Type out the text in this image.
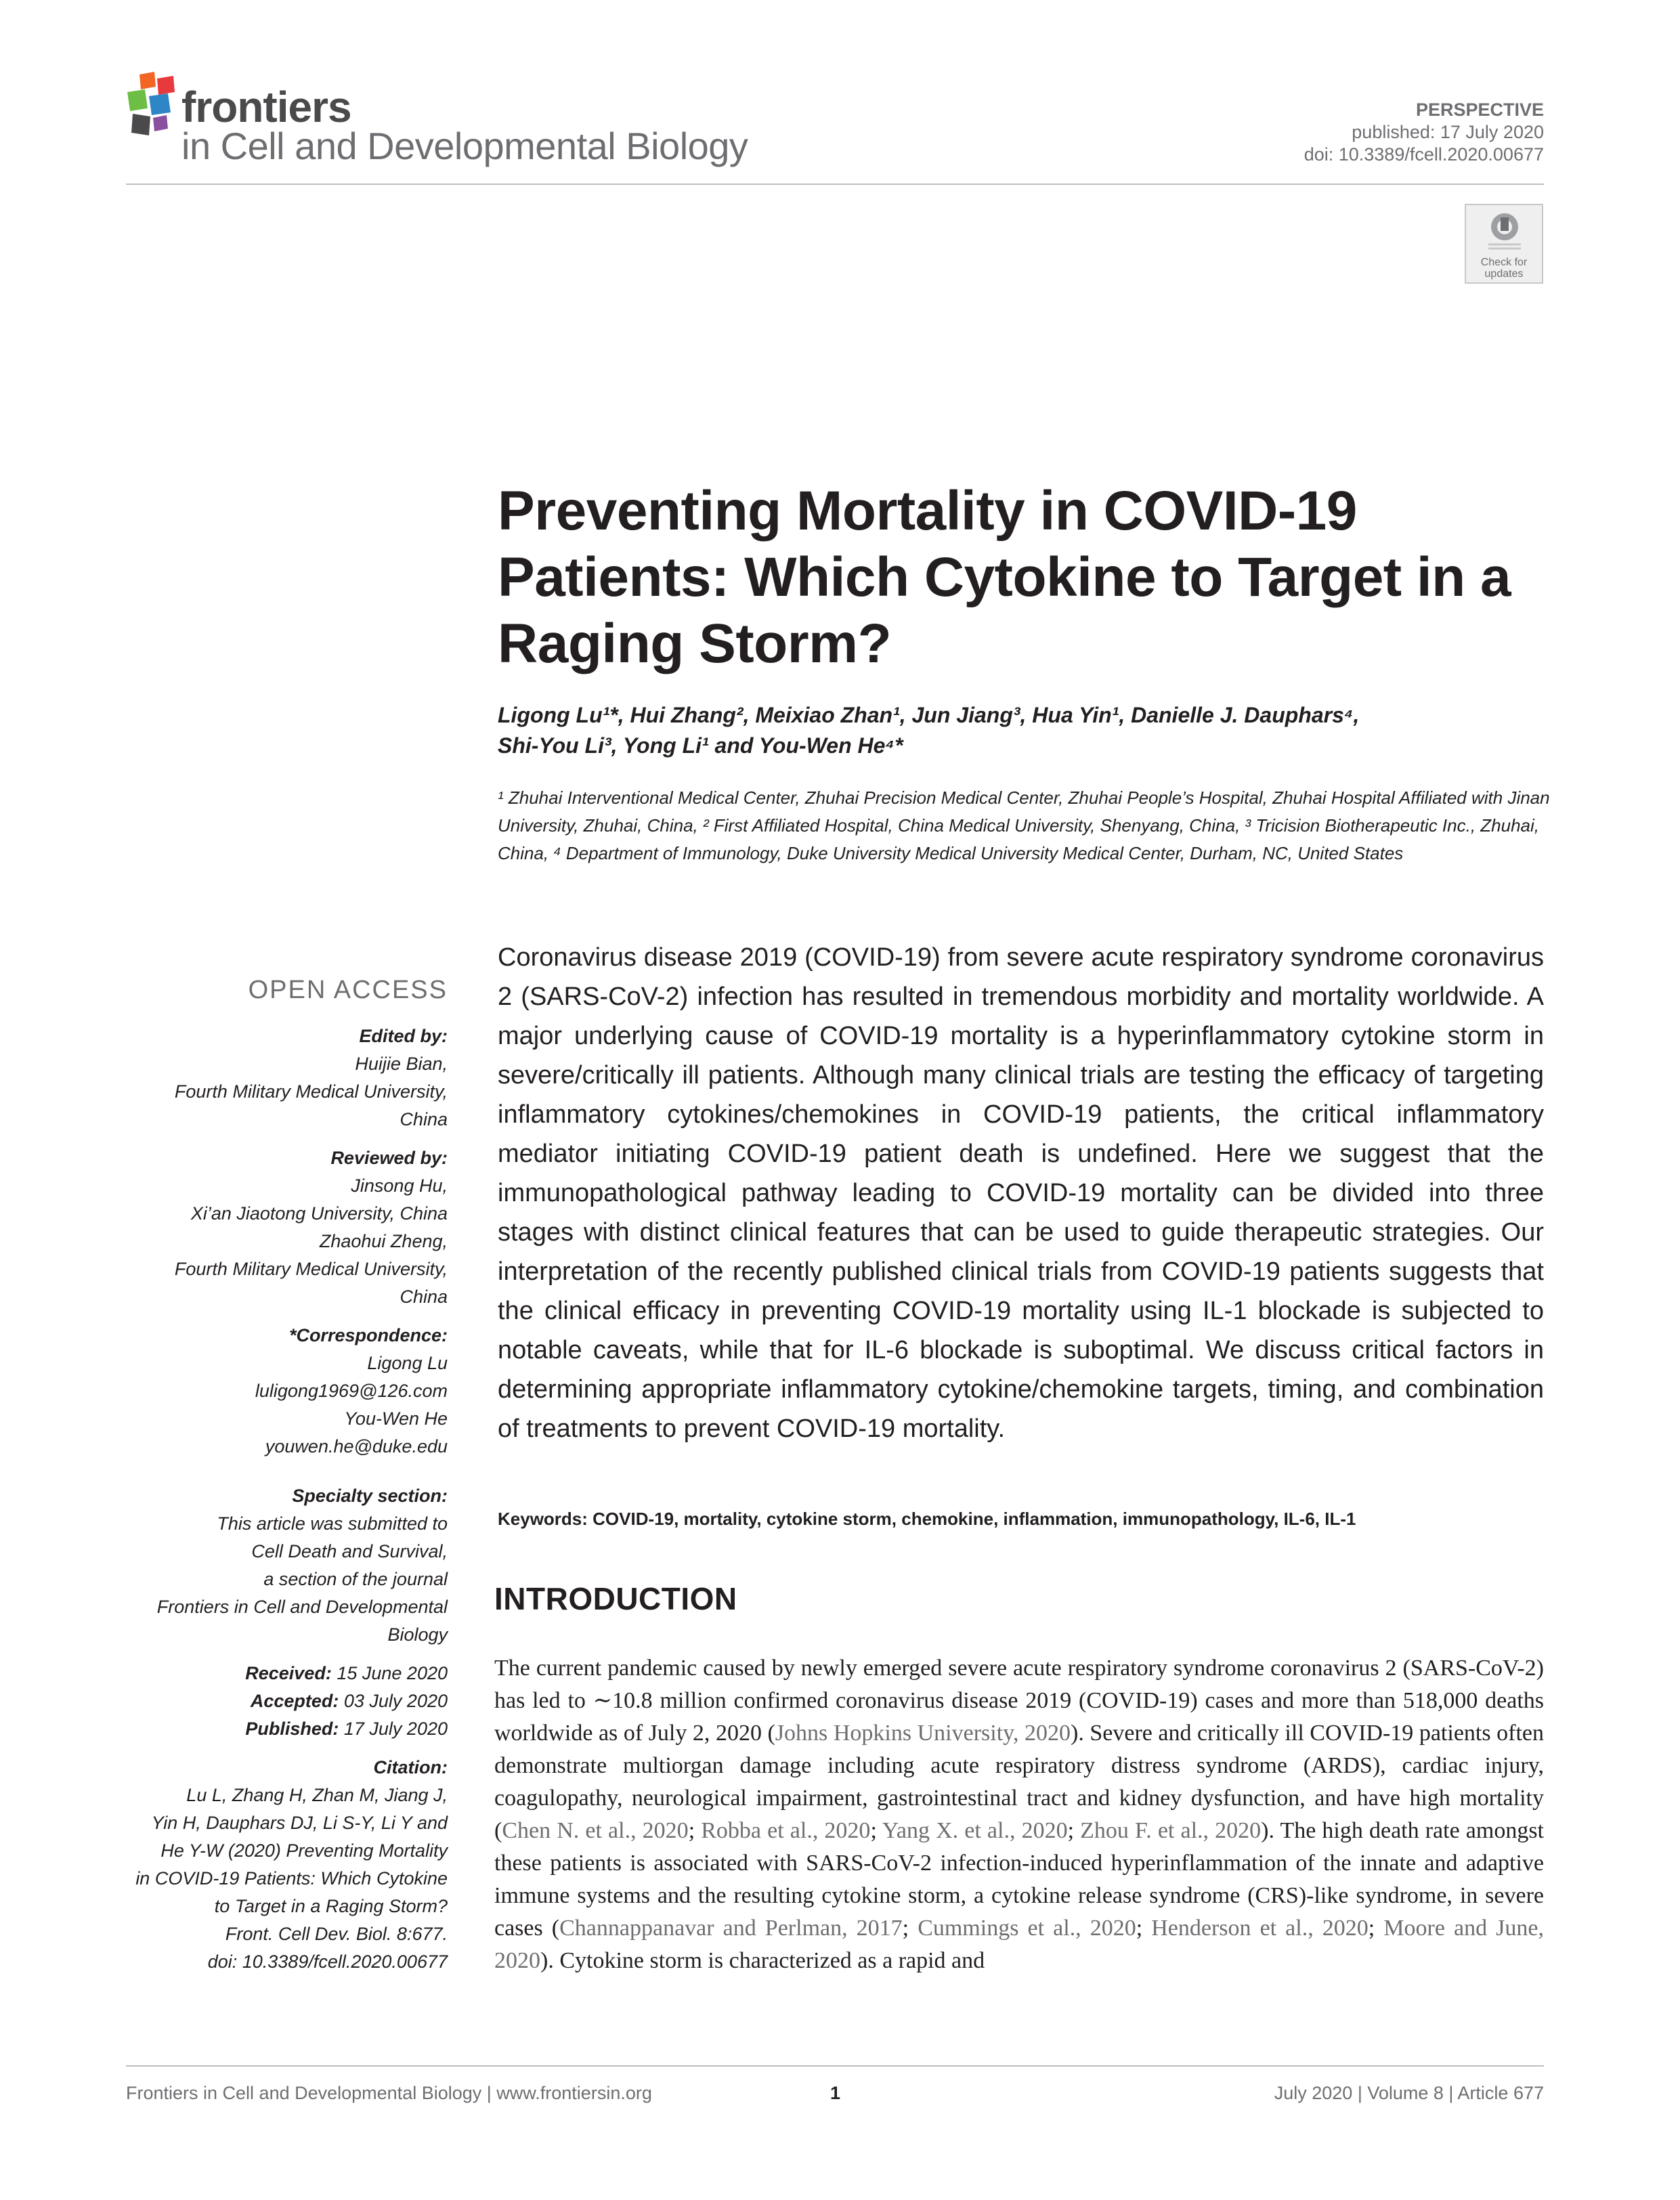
frontiers
in Cell and Developmental Biology
PERSPECTIVE
published: 17 July 2020
doi: 10.3389/fcell.2020.00677
Check for
updates
Preventing Mortality in COVID-19 Patients: Which Cytokine to Target in a Raging Storm?
Ligong Lu¹*, Hui Zhang², Meixiao Zhan¹, Jun Jiang³, Hua Yin¹, Danielle J. Dauphars⁴,
Shi-You Li³, Yong Li¹ and You-Wen He⁴*
¹ Zhuhai Interventional Medical Center, Zhuhai Precision Medical Center, Zhuhai People’s Hospital, Zhuhai Hospital Affiliated with Jinan University, Zhuhai, China, ² First Affiliated Hospital, China Medical University, Shenyang, China, ³ Tricision Biotherapeutic Inc., Zhuhai, China, ⁴ Department of Immunology, Duke University Medical University Medical Center, Durham, NC, United States
OPEN ACCESS
Edited by:
Huijie Bian,
Fourth Military Medical University,
China
Reviewed by:
Jinsong Hu,
Xi’an Jiaotong University, China
Zhaohui Zheng,
Fourth Military Medical University,
China
*Correspondence:
Ligong Lu
luligong1969@126.com
You-Wen He
youwen.he@duke.edu
Specialty section:
This article was submitted to
Cell Death and Survival,
a section of the journal
Frontiers in Cell and Developmental
Biology
Received: 15 June 2020
Accepted: 03 July 2020
Published: 17 July 2020
Citation:
Lu L, Zhang H, Zhan M, Jiang J,
Yin H, Dauphars DJ, Li S-Y, Li Y and
He Y-W (2020) Preventing Mortality
in COVID-19 Patients: Which Cytokine
to Target in a Raging Storm?
Front. Cell Dev. Biol. 8:677.
doi: 10.3389/fcell.2020.00677

Coronavirus disease 2019 (COVID-19) from severe acute respiratory syndrome coronavirus 2 (SARS-CoV-2) infection has resulted in tremendous morbidity and mortality worldwide. A major underlying cause of COVID-19 mortality is a hyperinflammatory cytokine storm in severe/critically ill patients. Although many clinical trials are testing the efficacy of targeting inflammatory cytokines/chemokines in COVID-19 patients, the critical inflammatory mediator initiating COVID-19 patient death is undefined. Here we suggest that the immunopathological pathway leading to COVID-19 mortality can be divided into three stages with distinct clinical features that can be used to guide therapeutic strategies. Our interpretation of the recently published clinical trials from COVID-19 patients suggests that the clinical efficacy in preventing COVID-19 mortality using IL-1 blockade is subjected to notable caveats, while that for IL-6 blockade is suboptimal. We discuss critical factors in determining appropriate inflammatory cytokine/chemokine targets, timing, and combination of treatments to prevent COVID-19 mortality.

Keywords: COVID-19, mortality, cytokine storm, chemokine, inflammation, immunopathology, IL-6, IL-1
INTRODUCTION

The current pandemic caused by newly emerged severe acute respiratory syndrome coronavirus 2 (SARS-CoV-2) has led to ∼10.8 million confirmed coronavirus disease 2019 (COVID-19) cases and more than 518,000 deaths worldwide as of July 2, 2020 (Johns Hopkins University, 2020). Severe and critically ill COVID-19 patients often demonstrate multiorgan damage including acute respiratory distress syndrome (ARDS), cardiac injury, coagulopathy, neurological impairment, gastrointestinal tract and kidney dysfunction, and have high mortality (Chen N. et al., 2020; Robba et al., 2020; Yang X. et al., 2020; Zhou F. et al., 2020). The high death rate amongst these patients is associated with SARS-CoV-2 infection-induced hyperinflammation of the innate and adaptive immune systems and the resulting cytokine storm, a cytokine release syndrome (CRS)-like syndrome, in severe cases (Channappanavar and Perlman, 2017; Cummings et al., 2020; Henderson et al., 2020; Moore and June, 2020). Cytokine storm is characterized as a rapid and

Frontiers in Cell and Developmental Biology | www.frontiersin.org	1	July 2020 | Volume 8 | Article 677
